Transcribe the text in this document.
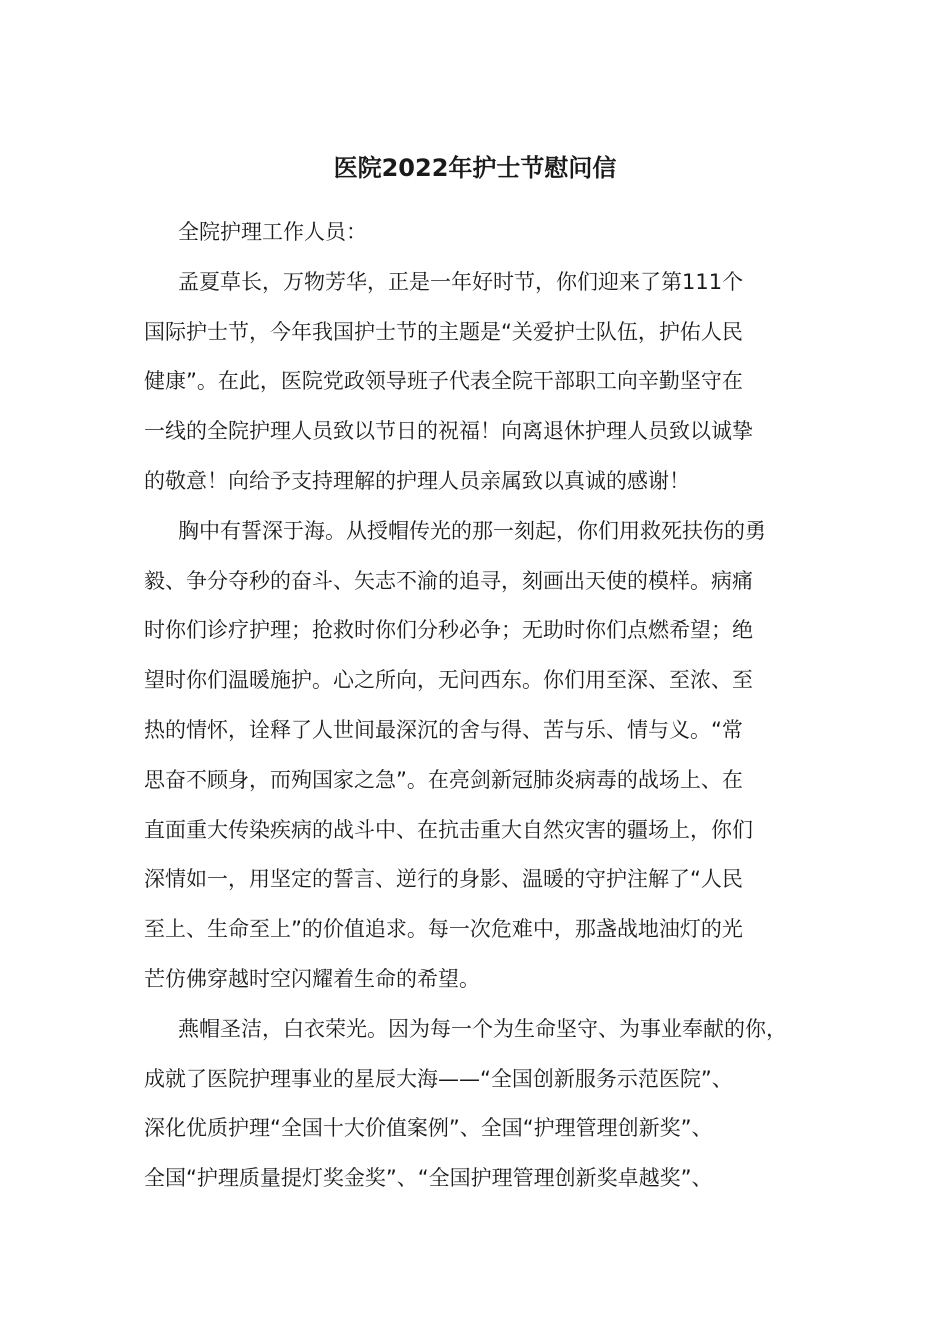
医院2022年护士节慰问信

全院护理工作人员：

孟夏草长，万物芳华，正是一年好时节，你们迎来了第111个
国际护士节，今年我国护士节的主题是“关爱护士队伍，护佑人民
健康”。在此，医院党政领导班子代表全院干部职工向辛勤坚守在
一线的全院护理人员致以节日的祝福！向离退休护理人员致以诚挚
的敬意！向给予支持理解的护理人员亲属致以真诚的感谢！

胸中有誓深于海。从授帽传光的那一刻起，你们用救死扶伤的勇
毅、争分夺秒的奋斗、矢志不渝的追寻，刻画出天使的模样。病痛
时你们诊疗护理；抢救时你们分秒必争；无助时你们点燃希望；绝
望时你们温暖施护。心之所向，无问西东。你们用至深、至浓、至
热的情怀，诠释了人世间最深沉的舍与得、苦与乐、情与义。“常
思奋不顾身，而殉国家之急”。在亮剑新冠肺炎病毒的战场上、在
直面重大传染疾病的战斗中、在抗击重大自然灾害的疆场上，你们
深情如一，用坚定的誓言、逆行的身影、温暖的守护注解了“人民
至上、生命至上”的价值追求。每一次危难中，那盏战地油灯的光
芒仿佛穿越时空闪耀着生命的希望。

燕帽圣洁，白衣荣光。因为每一个为生命坚守、为事业奉献的你，
成就了医院护理事业的星辰大海——“全国创新服务示范医院”、
深化优质护理“全国十大价值案例”、全国“护理管理创新奖”、
全国“护理质量提灯奖金奖”、“全国护理管理创新奖卓越奖”、
